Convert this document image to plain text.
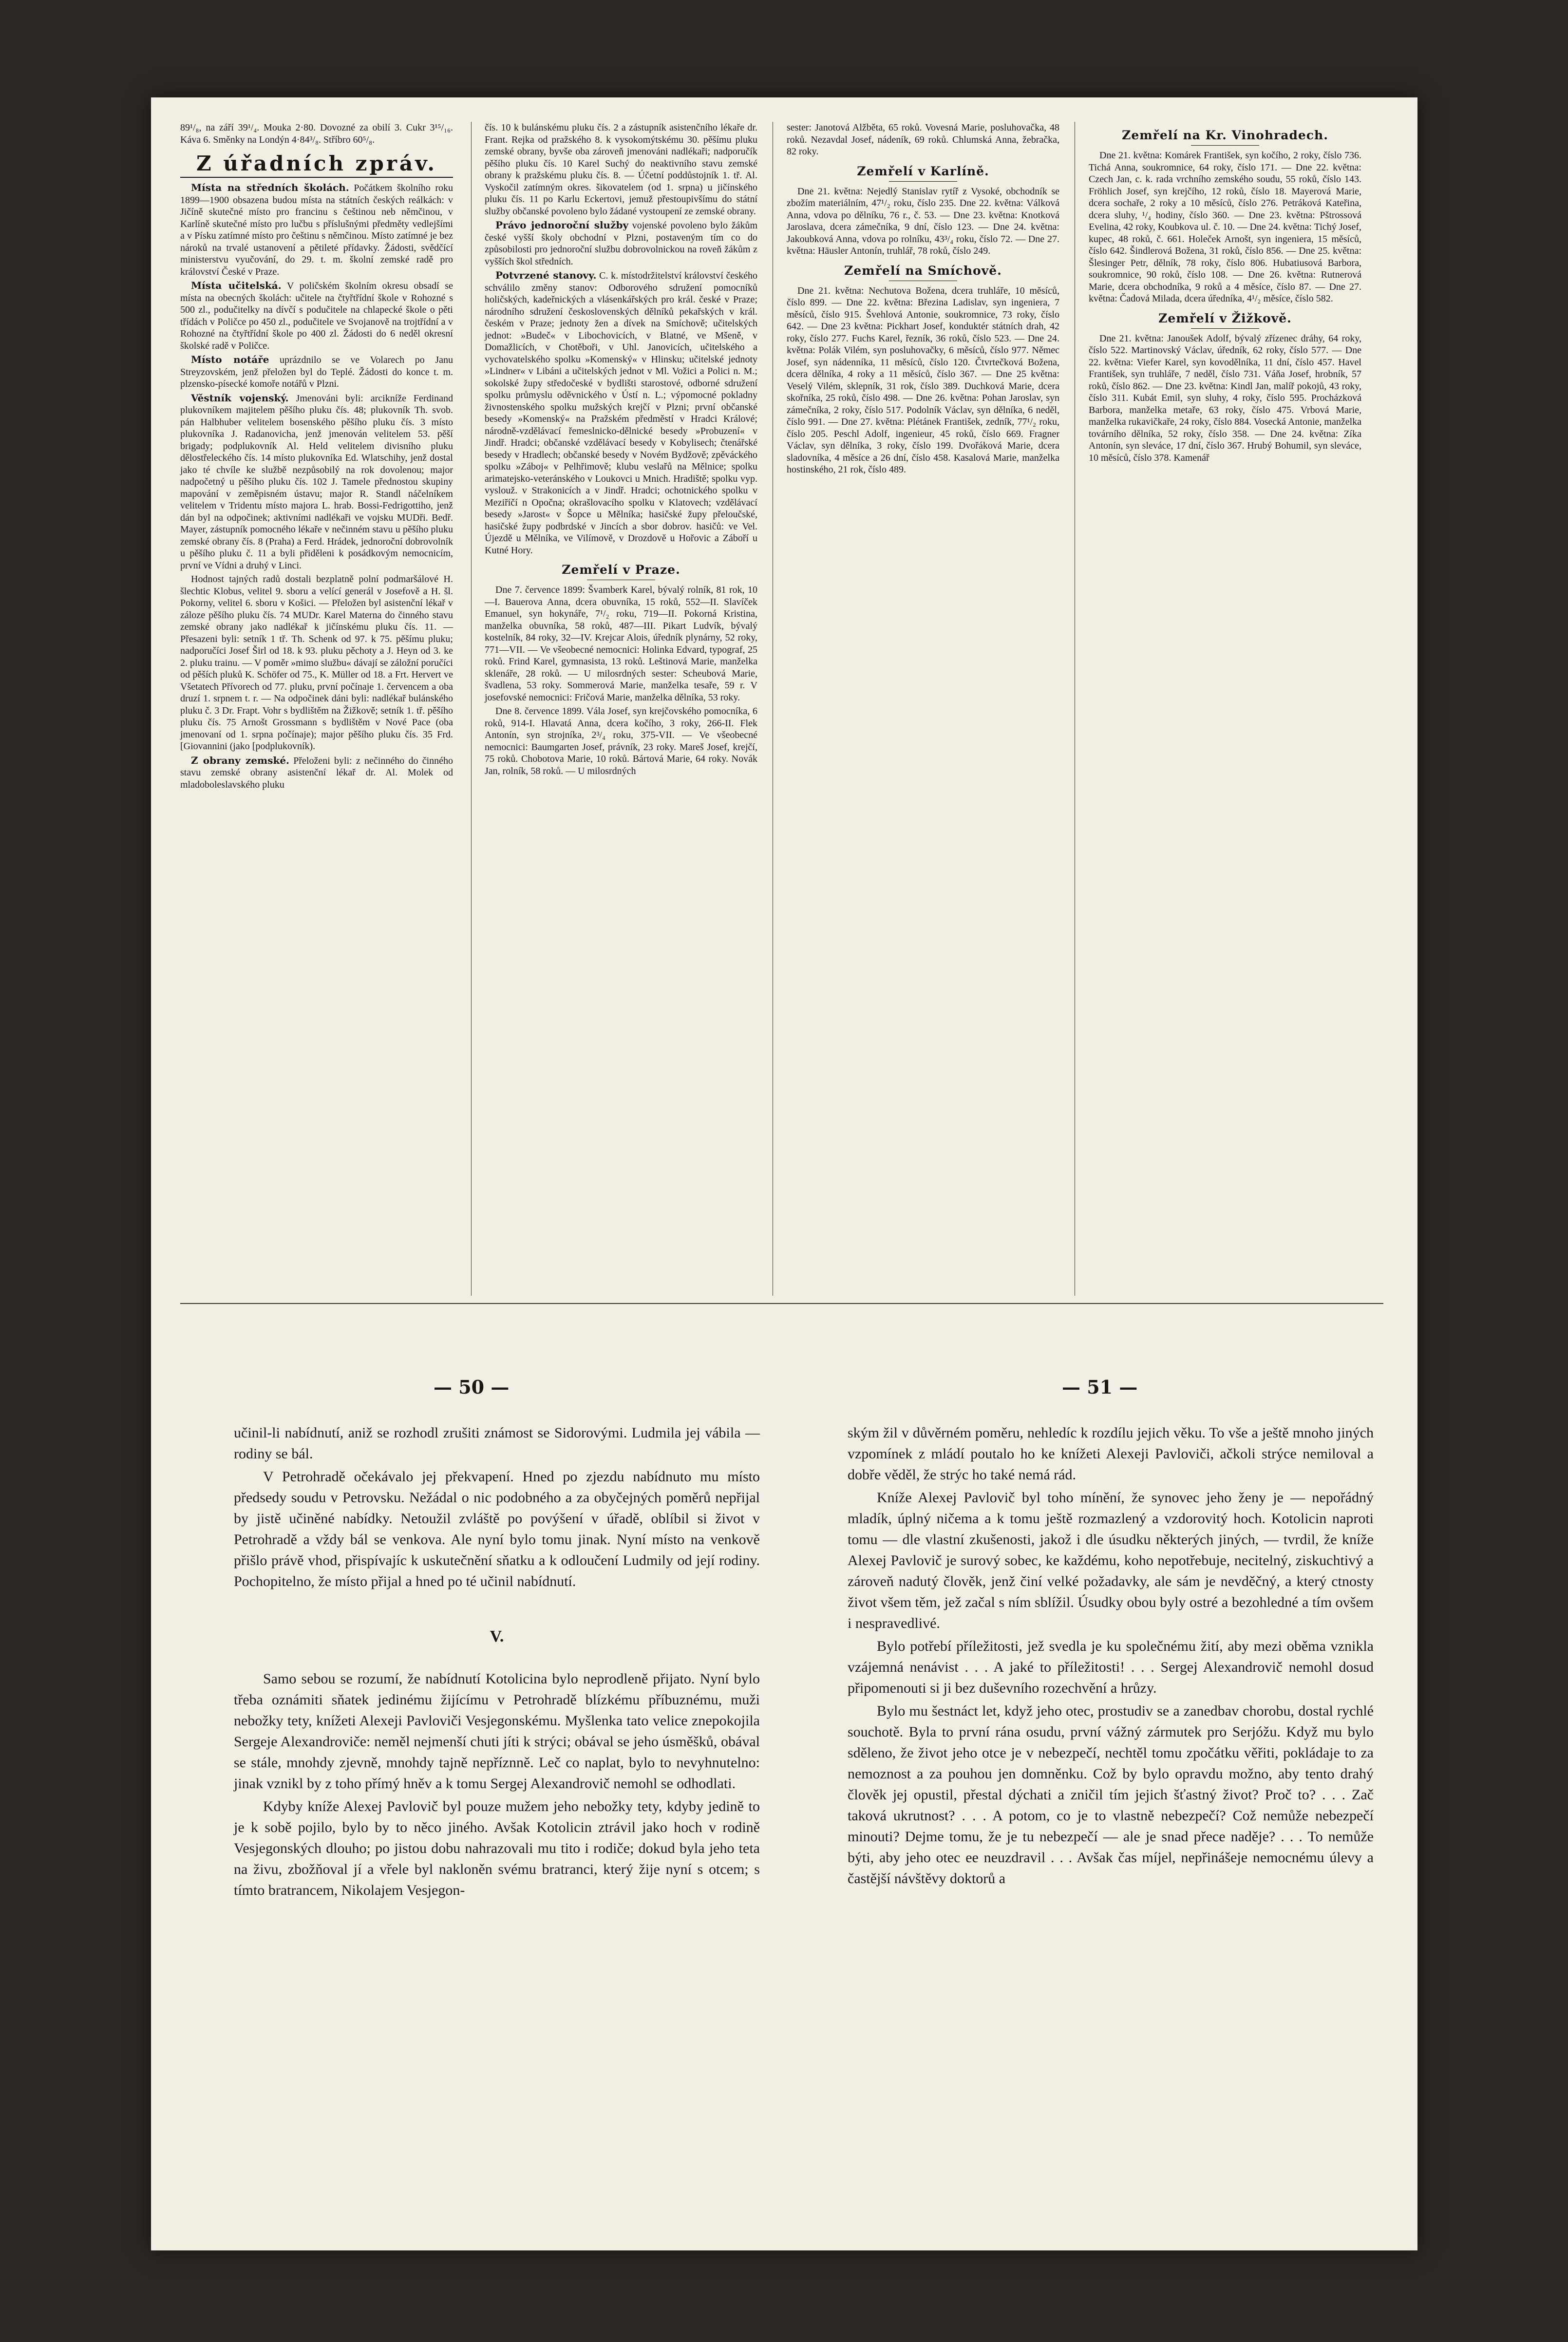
89¹/₈, na září 39¹/₄. Mouka 2·80. Dovozné za obilí 3. Cukr 3¹⁵/₁₆. Káva 6. Směnky na Londýn 4·84³/₈. Stříbro 60⁵/₈.

Z úřadních zpráv.

Místa na středních školách. Počátkem školního roku 1899—1900 obsazena budou místa na státních českých reálkách: v Jičíně skutečné místo pro francinu s češtinou neb němčinou, v Karlíně skutečné místo pro lučbu s příslušnými předměty vedlejšími a v Písku zatímné místo pro češtinu s němčinou. Místo zatímné je bez nároků na trvalé ustanovení a pětileté přídavky. Žádosti, svědčící ministerstvu vyučování, do 29. t. m. školní zemské radě pro království České v Praze.

Místa učitelská. V poličském školním okresu obsadí se místa na obecných školách: učitele na čtyřtřídní škole v Rohozné s 500 zl., podučitelky na dívčí s podučitele na chlapecké škole o pěti třídách v Poličce po 450 zl., podučitele ve Svojanově na trojtřídní a v Rohozné na čtyřtřídní škole po 400 zl. Žádosti do 6 neděl okresní školské radě v Poličce.

Místo notáře uprázdnilo se ve Volarech po Janu Streyzovském, jenž přeložen byl do Teplé. Žádosti do konce t. m. plzensko-písecké komoře notářů v Plzni.

Věstník vojenský. Jmenováni byli: arcikníže Ferdinand plukovníkem majitelem pěšího pluku čís. 48; plukovník Th. svob. pán Halbhuber velitelem bosenského pěšího pluku čís. 3 místo plukovníka J. Radanovicha, jenž jmenován velitelem 53. pěší brigady; podplukovník Al. Held velitelem divisního pluku dělostřeleckého čís. 14 místo plukovníka Ed. Wlatschihy, jenž dostal jako té chvíle ke službě nezpůsobilý na rok dovolenou; major nadpočetný u pěšího pluku čís. 102 J. Tamele přednostou skupiny mapování v zeměpisném ústavu; major R. Standl náčelníkem velitelem v Tridentu místo majora L. hrab. Bossi-Fedrigottiho, jenž dán byl na odpočinek; aktivními nadlékaři ve vojsku MUDři. Bedř. Mayer, zástupník pomocného lékaře v nečinném stavu u pěšího pluku zemské obrany čís. 8 (Praha) a Ferd. Hrádek, jednoroční dobrovolník u pěšího pluku č. 11 a byli přiděleni k posádkovým nemocnicím, první ve Vídni a druhý v Linci.

Hodnost tajných radů dostali bezplatně polní podmaršálové H. šlechtic Klobus, velitel 9. sboru a velící generál v Josefově a H. šl. Pokorny, velitel 6. sboru v Košici. — Přeložen byl asistenční lékař v záloze pěšího pluku čís. 74 MUDr. Karel Materna do činného stavu zemské obrany jako nadlékař k jičínskému pluku čís. 11. — Přesazeni byli: setník 1 tř. Th. Schenk od 97. k 75. pěšímu pluku; nadporučíci Josef Širl od 18. k 93. pluku pěchoty a J. Heyn od 3. ke 2. pluku trainu. — V poměr »mimo službu« dávají se záložní poručíci od pěších pluků K. Schöfer od 75., K. Müller od 18. a Frt. Hervert ve Všetatech Přívorech od 77. pluku, první počínaje 1. červencem a oba druzí 1. srpnem t. r. — Na odpočinek dáni byli: nadlékař bulánského pluku č. 3 Dr. Frapt. Vohr s bydlištěm na Žižkově; setník 1. tř. pěšího pluku čís. 75 Arnošt Grossmann s bydlištěm v Nové Pace (oba jmenovaní od 1. srpna počínaje); major pěšího pluku čís. 35 Frd. [Giovannini (jako [podplukovník).

Z obrany zemské. Přeloženi byli: z nečinného do činného stavu zemské obrany asistenční lékař dr. Al. Molek od mladoboleslavského pluku

čís. 10 k bulánskému pluku čís. 2 a zástupník asistenčního lékaře dr. Frant. Rejka od pražského 8. k vysokomýtskému 30. pěšímu pluku zemské obrany, byvše oba zároveň jmenováni nadlékaři; nadporučík pěšího pluku čís. 10 Karel Suchý do neaktivního stavu zemské obrany k pražskému pluku čís. 8. — Účetní poddůstojník 1. tř. Al. Vyskočil zatímným okres. šikovatelem (od 1. srpna) u jičínského pluku čís. 11 po Karlu Eckertovi, jemuž přestoupivšímu do státní služby občanské povoleno bylo žádané vystoupení ze zemské obrany.

Právo jednoroční služby vojenské povoleno bylo žákům české vyšší školy obchodní v Plzni, postaveným tím co do způsobilosti pro jednoroční službu dobrovolnickou na roveň žákům z vyšších škol středních.

Potvrzené stanovy. C. k. místodržitelství království českého schválilo změny stanov: Odborového sdružení pomocníků holičských, kadeřnických a vlásenkářských pro král. české v Praze; národního sdružení československých dělníků pekařských v král. českém v Praze; jednoty žen a dívek na Smíchově; učitelských jednot: »Budeč« v Libochovicích, v Blatné, ve Mšeně, v Domažlicích, v Chotěboři, v Uhl. Janovicích, učitelského a vychovatelského spolku »Komenský« v Hlinsku; učitelské jednoty »Lindner« v Libáni a učitelských jednot v Ml. Vožici a Polici n. M.; sokolské župy středočeské v bydlišti starostové, odborné sdružení spolku průmyslu oděvnického v Ústí n. L.; výpomocné pokladny živnostenského spolku mužských krejčí v Plzni; první občanské besedy »Komenský« na Pražském předměstí v Hradci Králové; národně-vzdělávací řemeslnicko-dělnické besedy »Probuzení« v Jindř. Hradci; občanské vzdělávací besedy v Kobylisech; čtenářské besedy v Hradlech; občanské besedy v Novém Bydžově; zpěváckého spolku »Záboj« v Pelhřimově; klubu veslařů na Mělnice; spolku arimatejsko-veteránského v Loukovci u Mnich. Hradiště; spolku vyp. vyslouž. v Strakonicích a v Jindř. Hradci; ochotnického spolku v Meziříčí n Opočna; okrašlovacího spolku v Klatovech; vzdělávací besedy »Jarost« v Šopce u Mělníka; hasičské župy přeloučské, hasičské župy podbrdské v Jincích a sbor dobrov. hasičů: ve Vel. Újezdě u Mělníka, ve Vilímově, v Drozdově u Hořovic a Záboří u Kutné Hory.

Zemřelí v Praze.

Dne 7. července 1899: Švamberk Karel, bývalý rolník, 81 rok, 10—I. Bauerova Anna, dcera obuvníka, 15 roků, 552—II. Slavíček Emanuel, syn hokynáře, 7¹/₂ roku, 719—II. Pokorná Kristina, manželka obuvníka, 58 roků, 487—III. Pikart Ludvík, bývalý kostelník, 84 roky, 32—IV. Krejcar Alois, úředník plynárny, 52 roky, 771—VII. — Ve všeobecné nemocnici: Holinka Edvard, typograf, 25 roků. Frind Karel, gymnasista, 13 roků. Leštinová Marie, manželka sklenáře, 28 roků. — U milosrdných sester: Scheubová Marie, švadlena, 53 roky. Sommerová Marie, manželka tesaře, 59 r. V josefovské nemocnici: Fričová Marie, manželka dělníka, 53 roky.

Dne 8. července 1899. Vála Josef, syn krejčovského pomocníka, 6 roků, 914-I. Hlavatá Anna, dcera kočího, 3 roky, 266-II. Flek Antonín, syn strojníka, 2³/₄ roku, 375-VII. — Ve všeobecné nemocnici: Baumgarten Josef, právník, 23 roky. Mareš Josef, krejčí, 75 roků. Chobotova Marie, 10 roků. Bártová Marie, 64 roky. Novák Jan, rolník, 58 roků. — U milosrdných

sester: Janotová Alžběta, 65 roků. Vovesná Marie, posluhovačka, 48 roků. Nezavdal Josef, nádeník, 69 roků. Chlumská Anna, žebračka, 82 roky.

Zemřelí v Karlíně.

Dne 21. května: Nejedlý Stanislav rytíř z Vysoké, obchodník se zbožím materiálním, 47¹/₂ roku, číslo 235. Dne 22. května: Válková Anna, vdova po dělníku, 76 r., č. 53. — Dne 23. května: Knotková Jaroslava, dcera zámečníka, 9 dní, číslo 123. — Dne 24. května: Jakoubková Anna, vdova po rolníku, 43³/₄ roku, číslo 72. — Dne 27. května: Häusler Antonín, truhlář, 78 roků, číslo 249.

Zemřelí na Smíchově.

Dne 21. května: Nechutova Božena, dcera truhláře, 10 měsíců, číslo 899. — Dne 22. května: Březina Ladislav, syn ingeniera, 7 měsíců, číslo 915. Švehlová Antonie, soukromnice, 73 roky, číslo 642. — Dne 23 května: Pickhart Josef, konduktér státních drah, 42 roky, číslo 277. Fuchs Karel, řezník, 36 roků, číslo 523. — Dne 24. května: Polák Vilém, syn posluhovačky, 6 měsíců, číslo 977. Němec Josef, syn nádenníka, 11 měsíců, číslo 120. Čtvrtečková Božena, dcera dělníka, 4 roky a 11 měsíců, číslo 367. — Dne 25 května: Veselý Vilém, sklepník, 31 rok, číslo 389. Duchková Marie, dcera skořníka, 25 roků, číslo 498. — Dne 26. května: Pohan Jaroslav, syn zámečníka, 2 roky, číslo 517. Podolník Václav, syn dělníka, 6 neděl, číslo 991. — Dne 27. května: Plétánek František, zedník, 77¹/₂ roku, číslo 205. Peschl Adolf, ingenieur, 45 roků, číslo 669. Fragner Václav, syn dělníka, 3 roky, číslo 199. Dvořáková Marie, dcera sladovníka, 4 měsíce a 26 dní, číslo 458. Kasalová Marie, manželka hostinského, 21 rok, číslo 489.

Zemřelí na Kr. Vinohradech.

Dne 21. května: Komárek František, syn kočího, 2 roky, číslo 736. Tichá Anna, soukromnice, 64 roky, číslo 171. — Dne 22. května: Czech Jan, c. k. rada vrchního zemského soudu, 55 roků, číslo 143. Fröhlich Josef, syn krejčího, 12 roků, číslo 18. Mayerová Marie, dcera sochaře, 2 roky a 10 měsíců, číslo 276. Petráková Kateřina, dcera sluhy, ¹/₄ hodiny, číslo 360. — Dne 23. května: Pštrossová Evelina, 42 roky, Koubkova ul. č. 10. — Dne 24. května: Tichý Josef, kupec, 48 roků, č. 661. Holeček Arnošt, syn ingeniera, 15 měsíců, číslo 642. Šindlerová Božena, 31 roků, číslo 856. — Dne 25. května: Šlesinger Petr, dělník, 78 roky, číslo 806. Hubatiusová Barbora, soukromnice, 90 roků, číslo 108. — Dne 26. května: Rutnerová Marie, dcera obchodníka, 9 roků a 4 měsíce, číslo 87. — Dne 27. května: Čadová Milada, dcera úředníka, 4¹/₂ měsíce, číslo 582.

Zemřelí v Žižkově.

Dne 21. května: Janoušek Adolf, bývalý zřízenec dráhy, 64 roky, číslo 522. Martinovský Václav, úředník, 62 roky, číslo 577. — Dne 22. května: Viefer Karel, syn kovodělníka, 11 dní, číslo 457. Havel František, syn truhláře, 7 neděl, číslo 731. Váňa Josef, hrobník, 57 roků, číslo 862. — Dne 23. května: Kindl Jan, malíř pokojů, 43 roky, číslo 311. Kubát Emil, syn sluhy, 4 roky, číslo 595. Procházková Barbora, manželka metaře, 63 roky, číslo 475. Vrbová Marie, manželka rukavičkaře, 24 roky, číslo 884. Vosecká Antonie, manželka továrního dělníka, 52 roky, číslo 358. — Dne 24. května: Zíka Antonín, syn sleváce, 17 dní, číslo 367. Hrubý Bohumil, syn sleváce, 10 měsíců, číslo 378. Kamenář

— 50 —	— 51 —

učinil-li nabídnutí, aniž se rozhodl zrušiti známost se Sidorovými. Ludmila jej vábila — rodiny se bál.

V Petrohradě očekávalo jej překvapení. Hned po zjezdu nabídnuto mu místo předsedy soudu v Petrovsku. Nežádal o nic podobného a za obyčejných poměrů nepřijal by jistě učiněné nabídky. Netoužil zvláště po povýšení v úřadě, oblíbil si život v Petrohradě a vždy bál se venkova. Ale nyní bylo tomu jinak. Nyní místo na venkově přišlo právě vhod, přispívajíc k uskutečnění sňatku a k odloučení Ludmily od její rodiny. Pochopitelno, že místo přijal a hned po té učinil nabídnutí.

V.

Samo sebou se rozumí, že nabídnutí Kotolicina bylo neprodleně přijato. Nyní bylo třeba oznámiti sňatek jedinému žijícímu v Petrohradě blízkému příbuznému, muži nebožky tety, knížeti Alexeji Pavloviči Vesjegonskému. Myšlenka tato velice znepokojila Sergeje Alexandroviče: neměl nejmenší chuti jíti k strýci; obával se jeho úsměšků, obával se stále, mnohdy zjevně, mnohdy tajně nepříznně. Leč co naplat, bylo to nevyhnutelno: jinak vznikl by z toho přímý hněv a k tomu Sergej Alexandrovič nemohl se odhodlati.

Kdyby kníže Alexej Pavlovič byl pouze mužem jeho nebožky tety, kdyby jedině to je k sobě pojilo, bylo by to něco jiného. Avšak Kotolicin ztrávil jako hoch v rodině Vesjegonských dlouho; po jistou dobu nahrazovali mu tito i rodiče; dokud byla jeho teta na živu, zbožňoval jí a vřele byl nakloněn svému bratranci, který žije nyní s otcem; s tímto bratrancem, Nikolajem Vesjegon-

ským žil v důvěrném poměru, nehledíc k rozdílu jejich věku. To vše a ještě mnoho jiných vzpomínek z mládí poutalo ho ke knížeti Alexeji Pavloviči, ačkoli strýce nemiloval a dobře věděl, že strýc ho také nemá rád.

Kníže Alexej Pavlovič byl toho mínění, že synovec jeho ženy je — nepořádný mladík, úplný ničema a k tomu ještě rozmazlený a vzdorovitý hoch. Kotolicin naproti tomu — dle vlastní zkušenosti, jakož i dle úsudku některých jiných, — tvrdil, že kníže Alexej Pavlovič je surový sobec, ke každému, koho nepotřebuje, necitelný, ziskuchtivý a zároveň nadutý člověk, jenž činí velké požadavky, ale sám je nevděčný, a který ctnosty život všem těm, jež začal s ním sblížil. Úsudky obou byly ostré a bezohledné a tím ovšem i nespravedlivé.

Bylo potřebí příležitosti, jež svedla je ku společnému žití, aby mezi oběma vznikla vzájemná nenávist . . . A jaké to příležitosti! . . . Sergej Alexandrovič nemohl dosud připomenouti si ji bez duševního rozechvění a hrůzy.

Bylo mu šestnáct let, když jeho otec, prostudiv se a zanedbav chorobu, dostal rychlé souchotě. Byla to první rána osudu, první vážný zármutek pro Serjóžu. Když mu bylo sděleno, že život jeho otce je v nebezpečí, nechtěl tomu zpočátku věřiti, pokládaje to za nemoznost a za pouhou jen domněnku. Což by bylo opravdu možno, aby tento drahý člověk jej opustil, přestal dýchati a zničil tím jejich šťastný život? Proč to? . . . Zač taková ukrutnost? . . . A potom, co je to vlastně nebezpečí? Což nemůže nebezpečí minouti? Dejme tomu, že je tu nebezpečí — ale je snad přece naděje? . . . To nemůže býti, aby jeho otec ee neuzdravil . . . Avšak čas míjel, nepřinášeje nemocnému úlevy a častější návštěvy doktorů a
